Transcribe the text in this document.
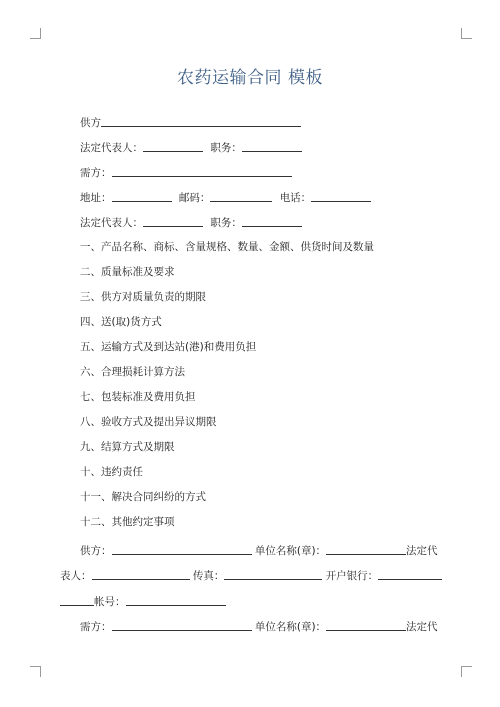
农药运输合同 模板
供方
法定代表人：	职务：
需方：
地址：	邮码：	电话：
法定代表人：	职务：
一、产品名称、商标、含量规格、数量、金额、供货时间及数量
二、质量标准及要求
三、供方对质量负责的期限
四、送(取)货方式
五、运输方式及到达站(港)和费用负担
六、合理损耗计算方法
七、包装标准及费用负担
八、验收方式及提出异议期限
九、结算方式及期限
十、违约责任
十一、解决合同纠纷的方式
十二、其他约定事项
供方：	单位名称(章)：	法定代
表人：	传真：	开户银行：
帐号：
需方：	单位名称(章)：	法定代
